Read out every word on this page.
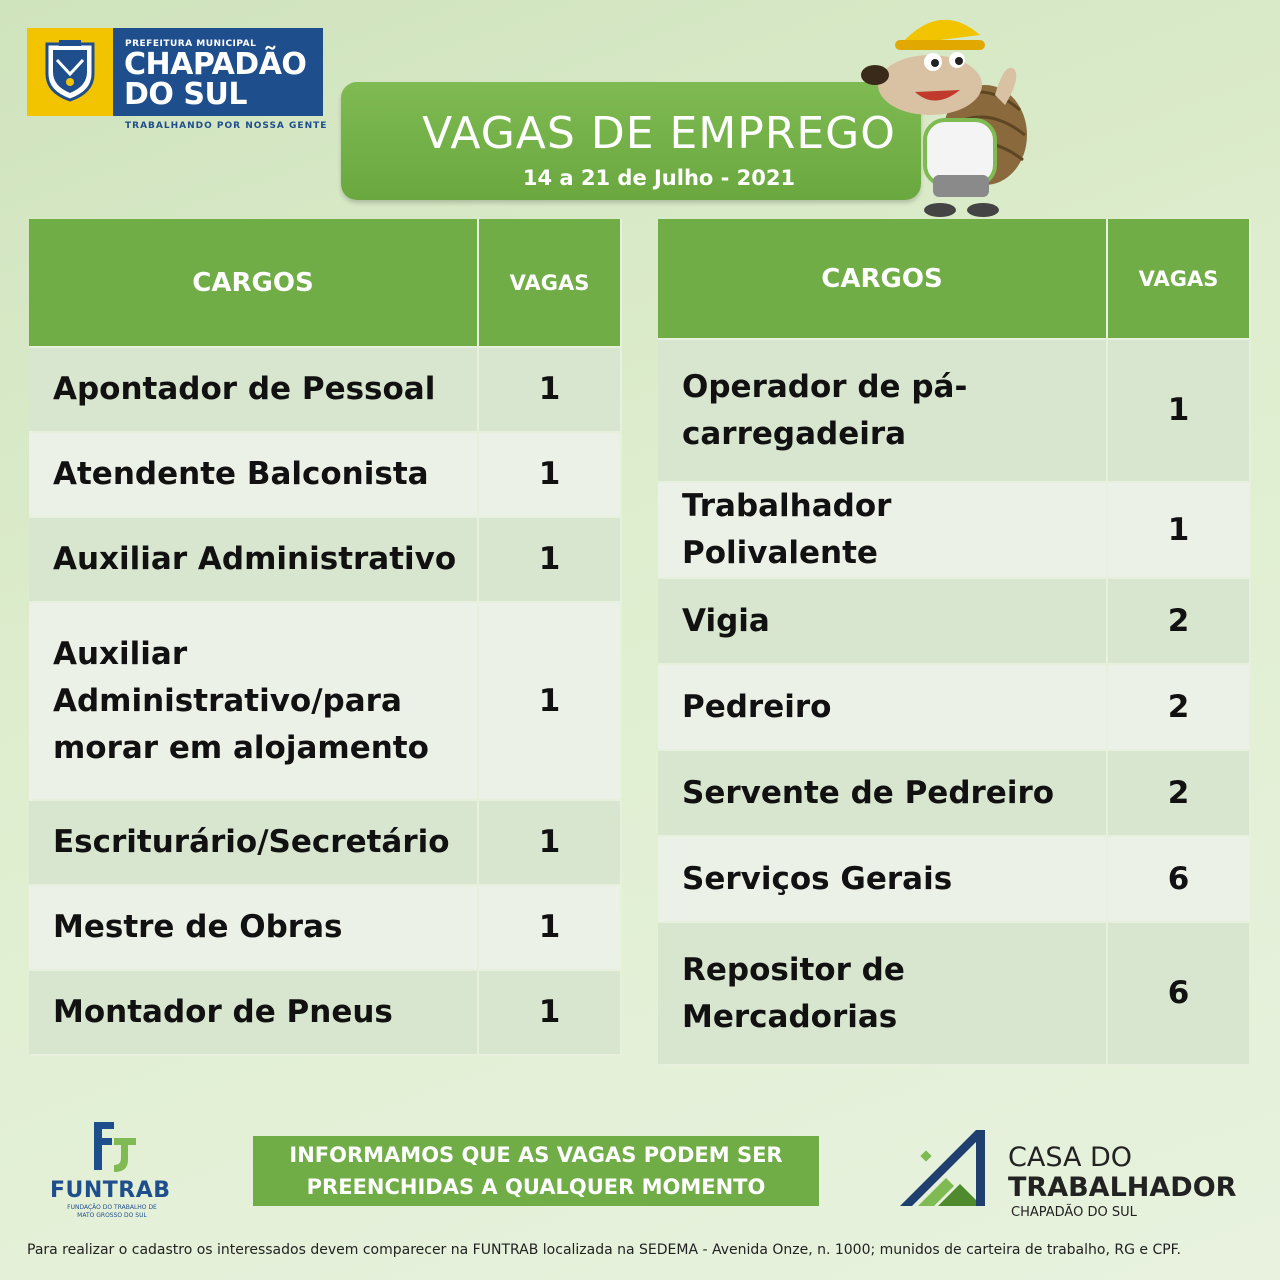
PREFEITURA MUNICIPAL
CHAPADÃO
DO SUL
TRABALHANDO POR NOSSA GENTE	VAGAS DE EMPREGO
14 a 21 de Julho - 2021
CARGOS	VAGAS
Apontador de Pessoal	1
Atendente Balconista	1
Auxiliar Administrativo	1
Auxiliar Administrativo/para morar em alojamento	1
Escriturário/Secretário	1
Mestre de Obras	1
Montador de Pneus	1
CARGOS	VAGAS
Operador de pá-carregadeira	1
Trabalhador Polivalente	1
Vigia	2
Pedreiro	2
Servente de Pedreiro	2
Serviços Gerais	6
Repositor de Mercadorias	6
FUNTRAB
FUNDAÇÃO DO TRABALHO DE MATO GROSSO DO SUL
INFORMAMOS QUE AS VAGAS PODEM SER
PREENCHIDAS A QUALQUER MOMENTO
CASA DO
TRABALHADOR
CHAPADÃO DO SUL
Para realizar o cadastro os interessados devem comparecer na FUNTRAB localizada na SEDEMA - Avenida Onze, n. 1000; munidos de carteira de trabalho, RG e CPF.
